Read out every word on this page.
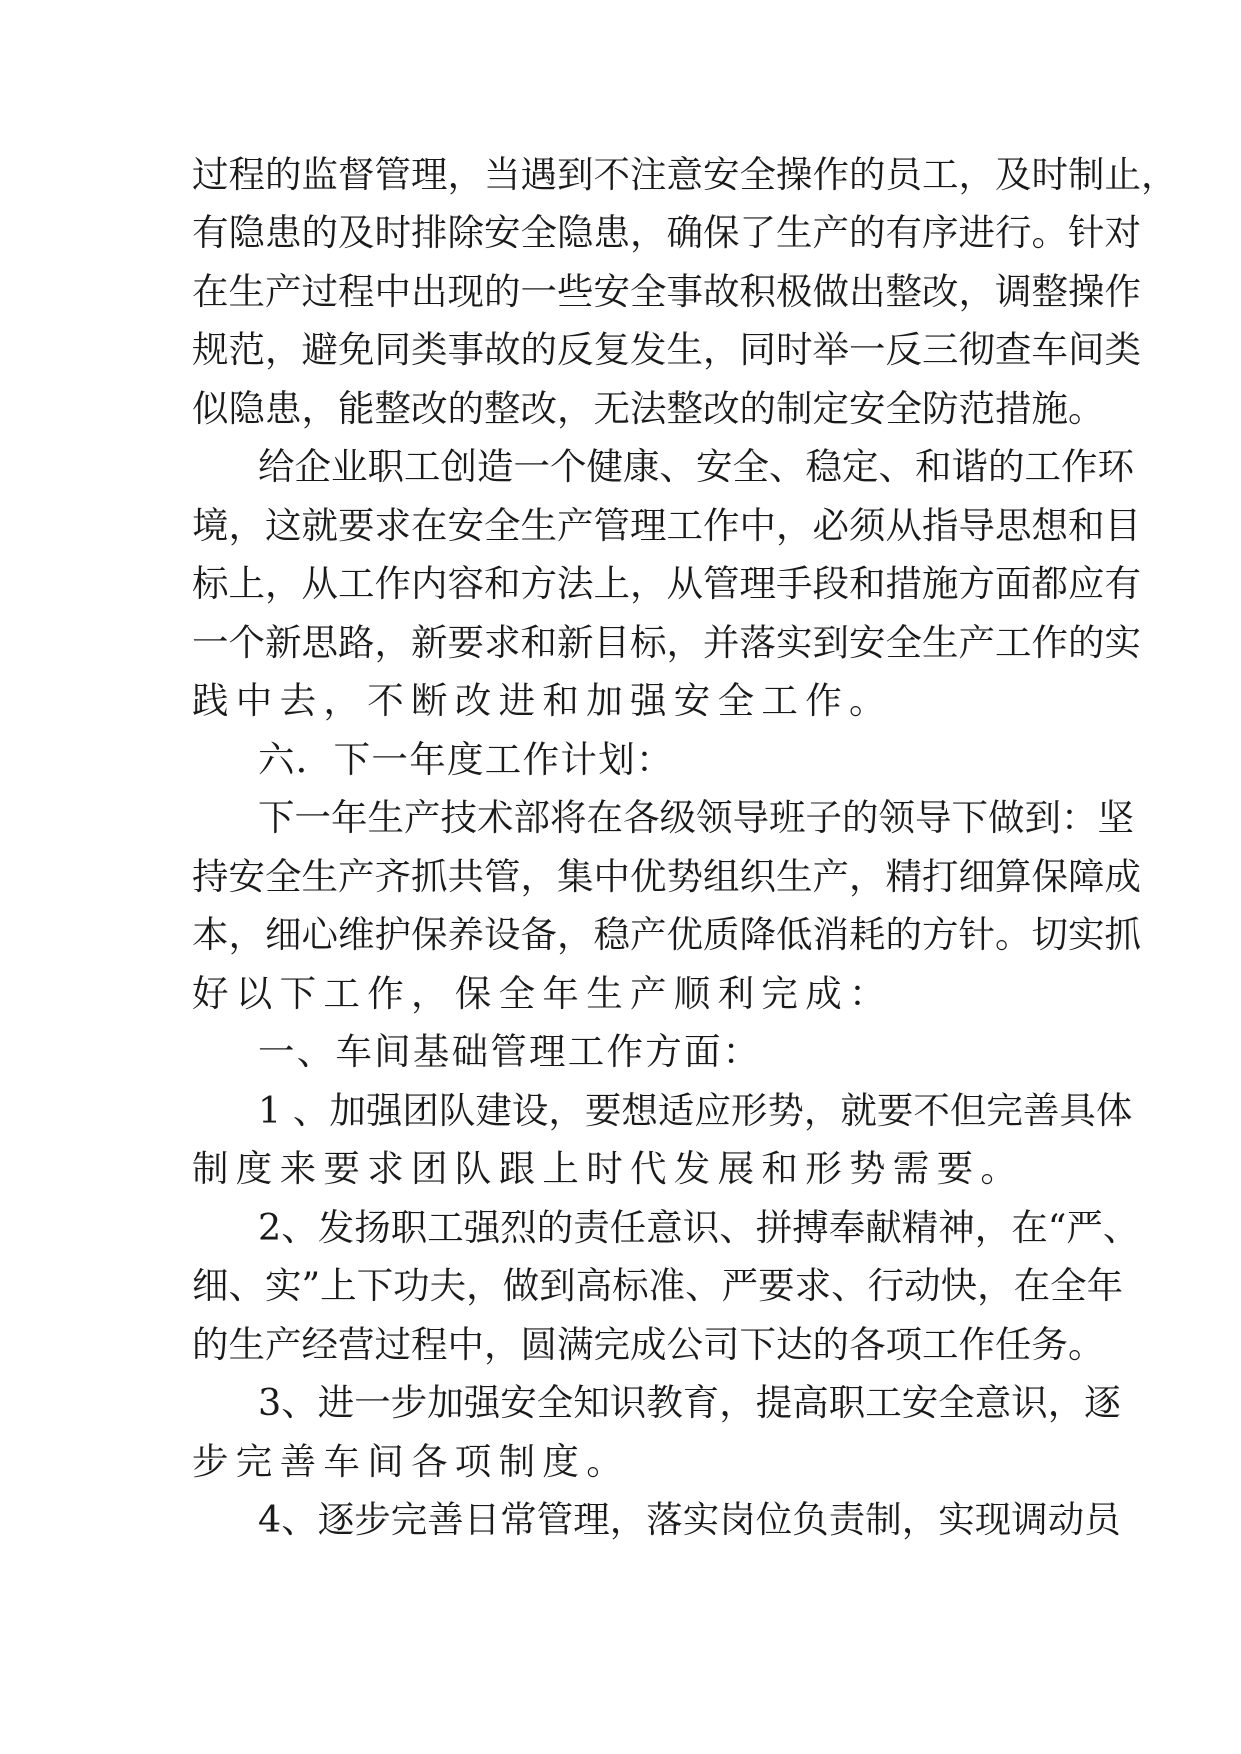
过程的监督管理，当遇到不注意安全操作的员工，及时制止，
有隐患的及时排除安全隐患，确保了生产的有序进行。针对
在生产过程中出现的一些安全事故积极做出整改，调整操作
规范，避免同类事故的反复发生，同时举一反三彻查车间类
似隐患，能整改的整改，无法整改的制定安全防范措施。
给企业职工创造一个健康、安全、稳定、和谐的工作环
境，这就要求在安全生产管理工作中，必须从指导思想和目
标上，从工作内容和方法上，从管理手段和措施方面都应有
一个新思路，新要求和新目标，并落实到安全生产工作的实
践中去，不断改进和加强安全工作。
六．下一年度工作计划：
下一年生产技术部将在各级领导班子的领导下做到：坚
持安全生产齐抓共管，集中优势组织生产，精打细算保障成
本，细心维护保养设备，稳产优质降低消耗的方针。切实抓
好以下工作，保全年生产顺利完成：
一、车间基础管理工作方面：
1 、加强团队建设，要想适应形势，就要不但完善具体
制度来要求团队跟上时代发展和形势需要。
2、发扬职工强烈的责任意识、拼搏奉献精神，在“严、
细、实”上下功夫，做到高标准、严要求、行动快，在全年
的生产经营过程中，圆满完成公司下达的各项工作任务。
3、进一步加强安全知识教育，提高职工安全意识，逐
步完善车间各项制度。
4、逐步完善日常管理，落实岗位负责制，实现调动员
